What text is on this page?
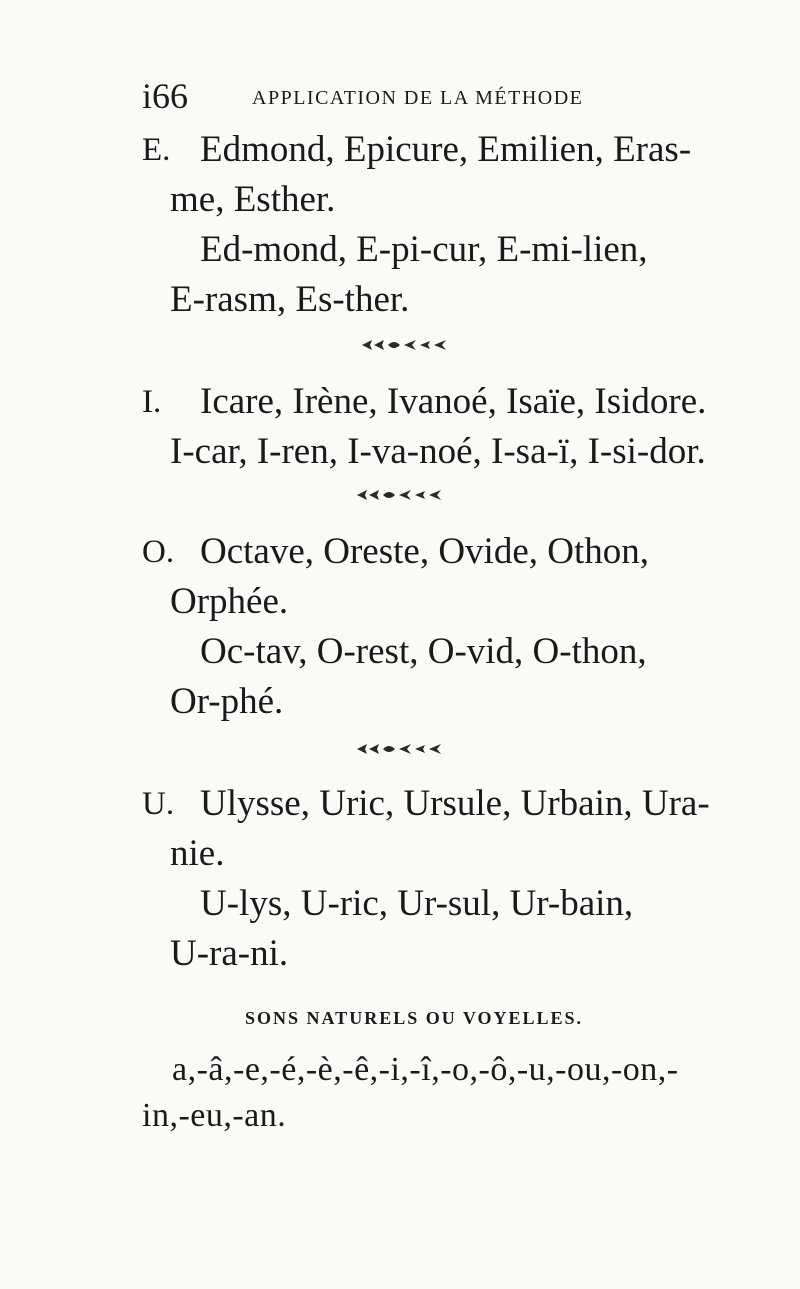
i66	APPLICATION DE LA MÉTHODE
E. Edmond, Epicure, Emilien, Eras-
me, Esther.
Ed-mond, E-pi-cur, E-mi-lien,
E-rasm, Es-ther.
I. Icare, Irène, Ivanoé, Isaïe, Isidore.
I-car, I-ren, I-va-noé, I-sa-ï, I-si-dor.
O. Octave, Oreste, Ovide, Othon,
Orphée.
Oc-tav, O-rest, O-vid, O-thon,
Or-phé.
U. Ulysse, Uric, Ursule, Urbain, Ura-
nie.
U-lys, U-ric, Ur-sul, Ur-bain,
U-ra-ni.
SONS NATURELS OU VOYELLES.
a,-â,-e,-é,-è,-ê,-i,-î,-o,-ô,-u,-ou,-on,-
in,-eu,-an.
